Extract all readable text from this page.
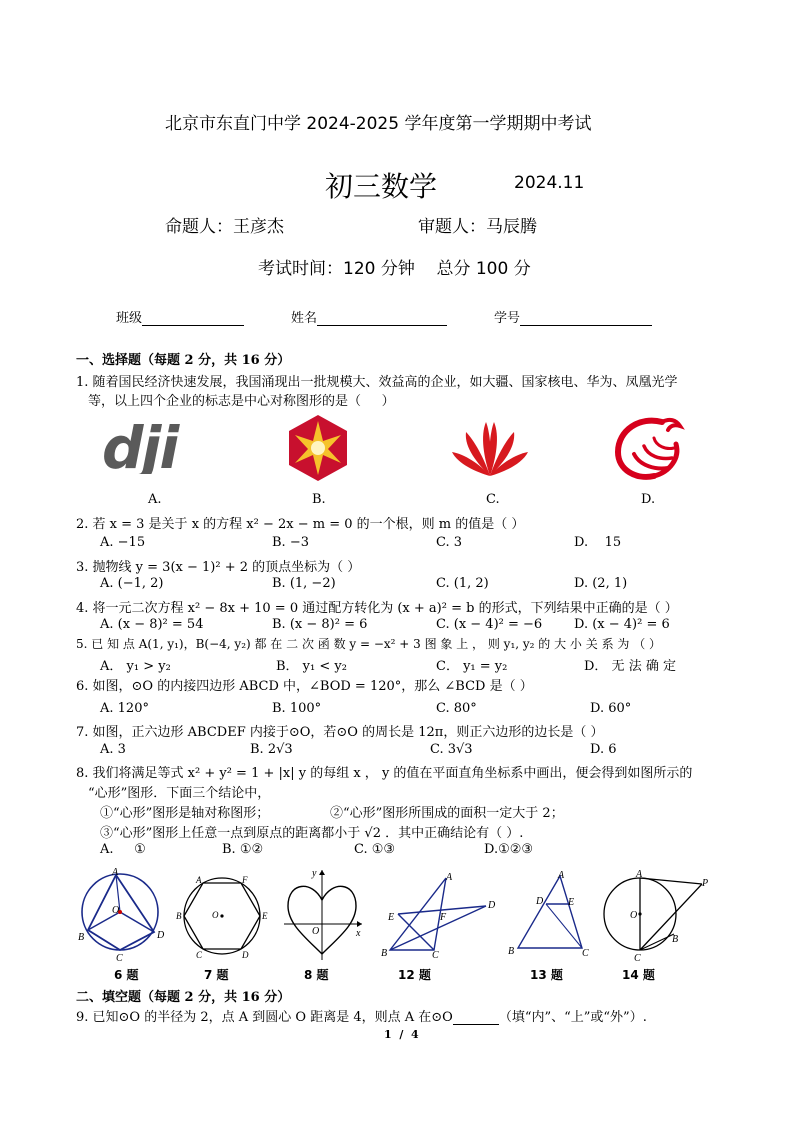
北京市东直门中学 2024-2025 学年度第一学期期中考试
初三数学	2024.11
命题人：王彦杰	审题人：马辰腾
考试时间：120 分钟    总分 100 分
班级	姓名	学号
一、选择题（每题 2 分，共 16 分）
1. 随着国民经济快速发展，我国涌现出一批规模大、效益高的企业，如大疆、国家核电、华为、凤凰光学
等，以上四个企业的标志是中心对称图形的是（     ）
dji
A.	B.	C.	D.
2. 若 x = 3 是关于 x 的方程 x² − 2x − m = 0 的一个根，则 m 的值是（ ）
A. −15	B. −3	C. 3	D.    15
3. 抛物线 y = 3(x − 1)² + 2 的顶点坐标为（ ）
A. (−1, 2)	B. (1, −2)	C. (1, 2)	D. (2, 1)
4. 将一元二次方程 x² − 8x + 10 = 0 通过配方转化为 (x + a)² = b 的形式，下列结果中正确的是（ ）
A. (x − 8)² = 54	B. (x − 8)² = 6	C. (x − 4)² = −6 D. (x − 4)² = 6
5. 已 知 点 A(1, y₁)，B(−4, y₂) 都 在 二 次 函 数 y = −x² + 3 图 象 上 ， 则 y₁, y₂ 的 大 小 关 系 为 （ ）
A． y₁ > y₂	B． y₁ < y₂	C． y₁ = y₂	D． 无 法 确 定
6. 如图，⊙O 的内接四边形 ABCD 中，∠BOD = 120°，那么 ∠BCD 是（ ）
A. 120°	B. 100°	C. 80°	D. 60°
7. 如图，正六边形 ABCDEF 内接于⊙O，若⊙O 的周长是 12π，则正六边形的边长是（ ）
A. 3	B. 2√3	C. 3√3	D. 6
8. 我们将满足等式 x² + y² = 1 + |x| y 的每组 x ， y 的值在平面直角坐标系中画出，便会得到如图所示的
“心形”图形．下面三个结论中，
①“心形”图形是轴对称图形；	②“心形”图形所围成的面积一定大于 2；
③“心形”图形上任意一点到原点的距离都小于 √2 ．其中正确结论有（ ）.
A.     ①	B. ①②	C. ①③	D.①②③
A
O
B
C
D
A	F
B	E
O
C	D
y
x
O
A
E	F
D
B	C
A
D E
B	C
A
P
O
B
C
6 题	7 题	8 题	12 题	13 题	14 题
二、填空题（每题 2 分，共 16 分）
9. 已知⊙O 的半径为 2，点 A 到圆心 O 距离是 4，则点 A 在⊙O	（填“内”、“上”或“外”）.
1  /  4
